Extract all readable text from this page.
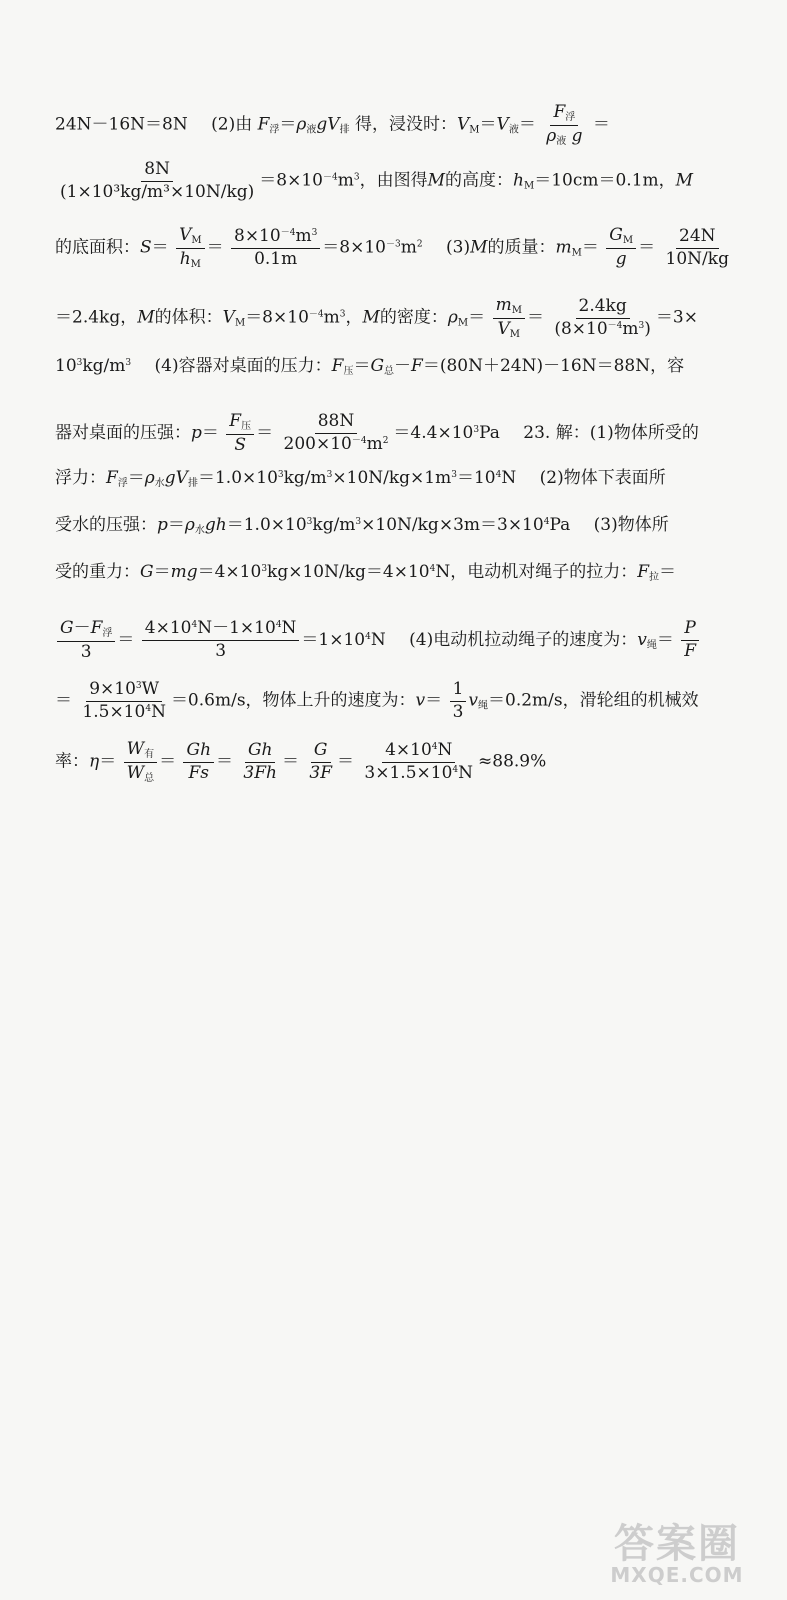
24N－16N＝8N (2)由 $F_浮=\rho_液gV_排$ 得，浸没时：$V_M=V_液= \frac{F_浮}{\rho_液 g}$ ＝
$\frac{8N}{\text{(1×10³kg/m³×10N/kg)}} =8\times 10^{-4}m^3$，由图得M的高度：$h_M=10cm=0.1m$，M
的底面积：$S= \frac{V_M}{h_M} = \frac{8\times 10^{-4}m^3}{0.1m} =8\times 10^{-3}m^2$ (3)M的质量：$m_M= \frac{G_M}{g} = \frac{24N}{10N/kg}$
＝2.4kg，M的体积：$V_M=8\times 10^{-4}m^3$，M的密度：$\rho_M= \frac{m_M}{V_M} = \frac{2.4kg}{(8\times 10^{-4}m^3)} =3\times$
$10^3kg/m^3$ (4)容器对桌面的压力：$F_压=G_总-F=(80N+24N)-16N=88N$，容
器对桌面的压强：$p= \frac{F_压}{S} = \frac{88N}{200\times 10^{-4}m^2} =4.4\times 10^3Pa$ 23. 解：(1)物体所受的
浮力：$F_浮=\rho_水gV_排=1.0\times 10^3kg/m^3\times 10N/kg\times 1m^3=10^4N$ (2)物体下表面所
受水的压强：$p=\rho_水gh=1.0\times 10^3kg/m^3\times 10N/kg\times 3m=3\times 10^4Pa$ (3)物体所
受的重力：$G=mg=4\times 10^3kg\times 10N/kg=4\times 10^4N$，电动机对绳子的拉力：$F_拉=$
$\frac{G-F_浮}{3} = \frac{4\times 10^4N-1\times 10^4N}{3} =1\times 10^4N$ (4)电动机拉动绳子的速度为：$v_绳= \frac{P}{F}$
＝ $\frac{9\times 10^3W}{1.5\times 10^4N} =0.6m/s$，物体上升的速度为：$v= \frac{1}{3} v_绳=0.2m/s$，滑轮组的机械效
率：$\eta= \frac{W_有}{W_总} = \frac{Gh}{Fs} = \frac{Gh}{3Fh} = \frac{G}{3F} = \frac{4\times 10^4N}{3\times 1.5\times 10^4N} \approx 88.9\%$
答案圈
MXQE.COM
